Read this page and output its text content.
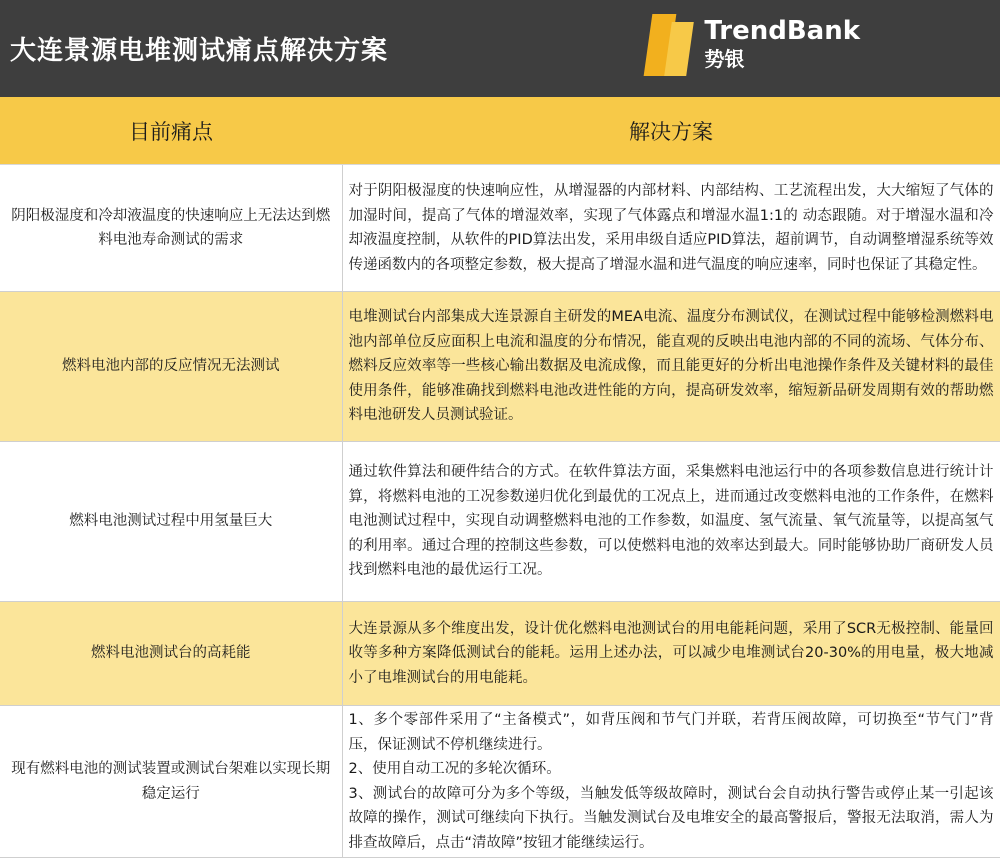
大连景源电堆测试痛点解决方案
TrendBank
势银
目前痛点	解决方案
阴阳极湿度和冷却液温度的快速响应上无法达到燃料电池寿命测试的需求	对于阴阳极湿度的快速响应性，从增湿器的内部材料、内部结构、工艺流程出发，大大缩短了气体的加湿时间，提高了气体的增湿效率，实现了气体露点和增湿水温1:1的 动态跟随。对于增湿水温和冷却液温度控制，从软件的PID算法出发，采用串级自适应PID算法，超前调节，自动调整增湿系统等效传递函数内的各项整定参数，极大提高了增湿水温和进气温度的响应速率，同时也保证了其稳定性。

燃料电池内部的反应情况无法测试	电堆测试台内部集成大连景源自主研发的MEA电流、温度分布测试仪，在测试过程中能够检测燃料电池内部单位反应面积上电流和温度的分布情况，能直观的反映出电池内部的不同的流场、气体分布、燃料反应效率等一些核心输出数据及电流成像，而且能更好的分析出电池操作条件及关键材料的最佳使用条件，能够准确找到燃料电池改进性能的方向，提高研发效率，缩短新品研发周期有效的帮助燃料电池研发人员测试验证。

燃料电池测试过程中用氢量巨大	通过软件算法和硬件结合的方式。在软件算法方面，采集燃料电池运行中的各项参数信息进行统计计算，将燃料电池的工况参数递归优化到最优的工况点上，进而通过改变燃料电池的工作条件，在燃料电池测试过程中，实现自动调整燃料电池的工作参数，如温度、氢气流量、氧气流量等，以提高氢气的利用率。通过合理的控制这些参数，可以使燃料电池的效率达到最大。同时能够协助厂商研发人员找到燃料电池的最优运行工况。

燃料电池测试台的高耗能	大连景源从多个维度出发，设计优化燃料电池测试台的用电能耗问题，采用了SCR无极控制、能量回收等多种方案降低测试台的能耗。运用上述办法，可以减少电堆测试台20-30%的用电量，极大地减小了电堆测试台的用电能耗。

现有燃料电池的测试装置或测试台架难以实现长期稳定运行	1、多个零部件采用了“主备模式”，如背压阀和节气门并联，若背压阀故障，可切换至“节气门”背压，保证测试不停机继续进行。

2、使用自动工况的多轮次循环。

3、测试台的故障可分为多个等级，当触发低等级故障时，测试台会自动执行警告或停止某一引起该故障的操作，测试可继续向下执行。当触发测试台及电堆安全的最高警报后，警报无法取消，需人为排查故障后，点击“清故障”按钮才能继续运行。
